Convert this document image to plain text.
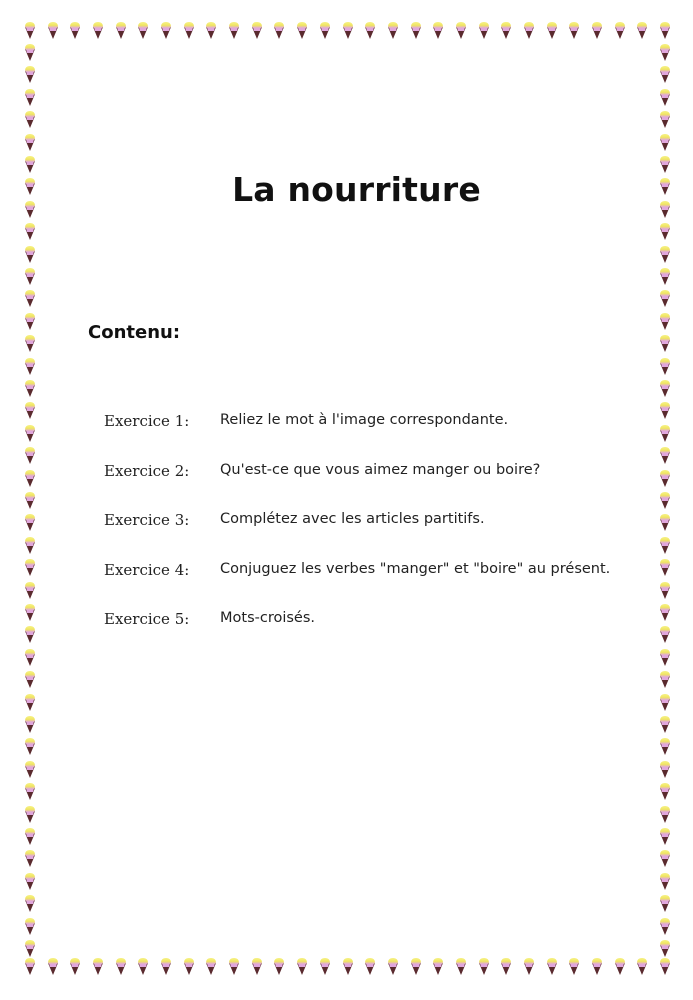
La nourriture
Contenu:
Exercice 1:	Reliez le mot à l'image correspondante.
Exercice 2:	Qu'est-ce que vous aimez manger ou boire?
Exercice 3:	Complétez avec les articles partitifs.
Exercice 4:	Conjuguez les verbes "manger" et "boire" au présent.
Exercice 5:	Mots-croisés.
